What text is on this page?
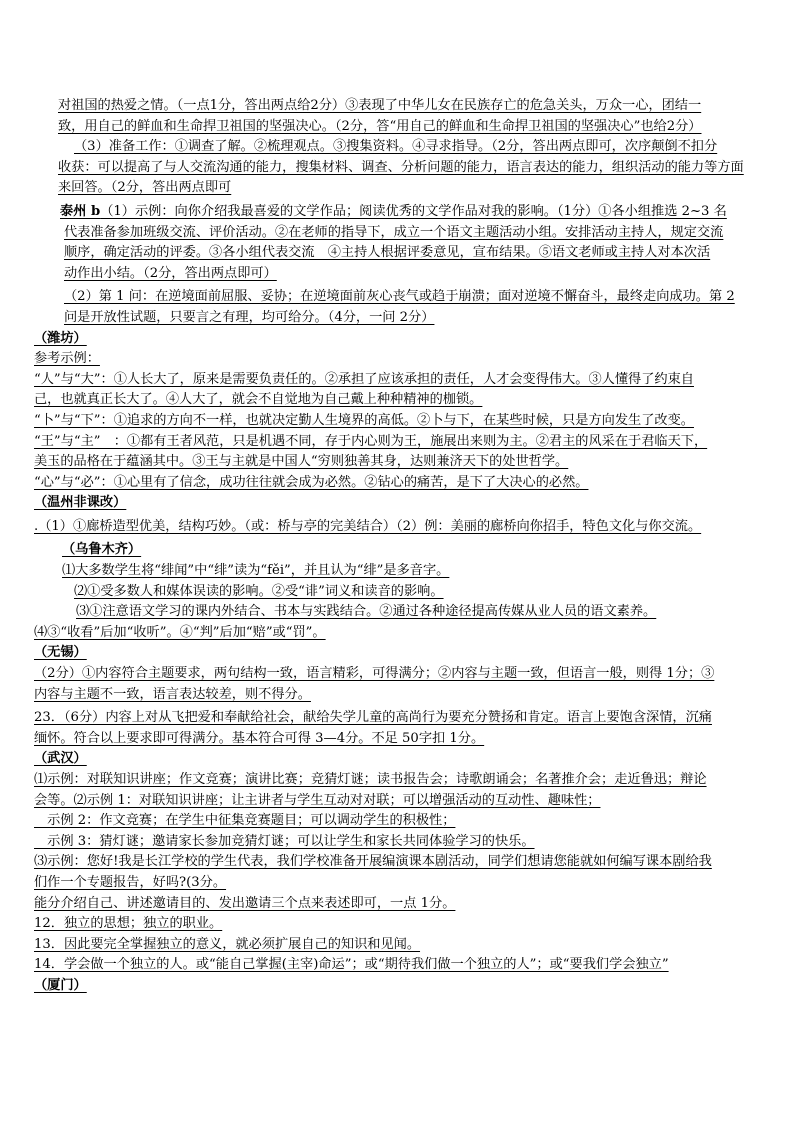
对祖国的热爱之情。（一点1分，答出两点给2分）③表现了中华儿女在民族存亡的危急关头，万众一心，团结一
致，用自己的鲜血和生命捍卫祖国的坚强决心。（2分，答“用自己的鲜血和生命捍卫祖国的坚强决心”也给2分）
（3）准备工作：①调查了解。②梳理观点。③搜集资料。④寻求指导。（2分，答出两点即可，次序颠倒不扣分
收获：可以提高了与人交流沟通的能力，搜集材料、调查、分析问题的能力，语言表达的能力，组织活动的能力等方面
来回答。（2分，答出两点即可
泰州 b（1）示例：向你介绍我最喜爱的文学作品；阅读优秀的文学作品对我的影响。（1分）①各小组推选 2~3 名
代表准备参加班级交流、评价活动。②在老师的指导下，成立一个语文主题活动小组。安排活动主持人，规定交流
顺序，确定活动的评委。③各小组代表交流　④主持人根据评委意见，宣布结果。⑤语文老师或主持人对本次活
动作出小结。（2分，答出两点即可）
（2）第 1 问：在逆境面前屈服、妥协；在逆境面前灰心丧气或趋于崩溃；面对逆境不懈奋斗，最终走向成功。第 2
问是开放性试题，只要言之有理，均可给分。（4分，一问 2分）
（潍坊）
参考示例：
“人”与“大”：①人长大了，原来是需要负责任的。②承担了应该承担的责任，人才会变得伟大。③人懂得了约束自
己，也就真正长大了。④人大了，就会不自觉地为自己戴上种种精神的枷锁。
“卜”与“下”：①追求的方向不一样，也就决定勤人生境界的高低。②卜与下，在某些时候，只是方向发生了改变。
“王”与“主”　：①都有王者风范，只是机遇不同，存于内心则为王，施展出来则为主。②君主的风采在于君临天下，
美玉的品格在于蕴涵其中。③王与主就是中国人“穷则独善其身，达则兼济天下的处世哲学。
“心”与“必”：①心里有了信念，成功往往就会成为必然。②钻心的痛苦，是下了大决心的必然。
（温州非课改）
.（1）①廊桥造型优美，结构巧妙。（或：桥与亭的完美结合）（2）例：美丽的廊桥向你招手，特色文化与你交流。
（乌鲁木齐）
⑴大多数学生将“绯闻”中“绯”读为“fěi”，并且认为“绯”是多音字。
⑵①受多数人和媒体误读的影响。②受“诽”词义和读音的影响。
⑶①注意语文学习的课内外结合、书本与实践结合。②通过各种途径提高传媒从业人员的语文素养。
⑷③“收看”后加“收听”。④“判”后加“赔”或“罚”。
（无锡）
（2分）①内容符合主题要求，两句结构一致，语言精彩，可得满分；②内容与主题一致，但语言一般，则得 1分；③
内容与主题不一致，语言表达较差，则不得分。
23．（6分）内容上对从飞把爱和奉献给社会，献给失学儿童的高尚行为要充分赞扬和肯定。语言上要饱含深情，沉痛
缅怀。符合以上要求即可得满分。基本符合可得 3—4分。不足 50字扣 1分。
（武汉）
⑴示例：对联知识讲座；作文竞赛；演讲比赛；竞猜灯谜；读书报告会；诗歌朗诵会；名著推介会；走近鲁迅；辩论
会等。⑵示例 1：对联知识讲座；让主讲者与学生互动对对联；可以增强活动的互动性、趣味性；
　示例 2：作文竞赛；在学生中征集竞赛题目；可以调动学生的积极性；
　示例 3：猜灯谜；邀请家长参加竞猜灯谜；可以让学生和家长共同体验学习的快乐。
⑶示例：您好!我是长江学校的学生代表，我们学校准备开展编演课本剧活动，同学们想请您能就如何编写课本剧给我
们作一个专题报告，好吗?(3分。
能分介绍自己、讲述邀请目的、发出邀请三个点来表述即可，一点 1分。
12．独立的思想；独立的职业。
13．因此要完全掌握独立的意义，就必须扩展自己的知识和见闻。
14．学会做一个独立的人。或“能自己掌握(主宰)命运”；或“期待我们做一个独立的人”；或“要我们学会独立”
（厦门）
